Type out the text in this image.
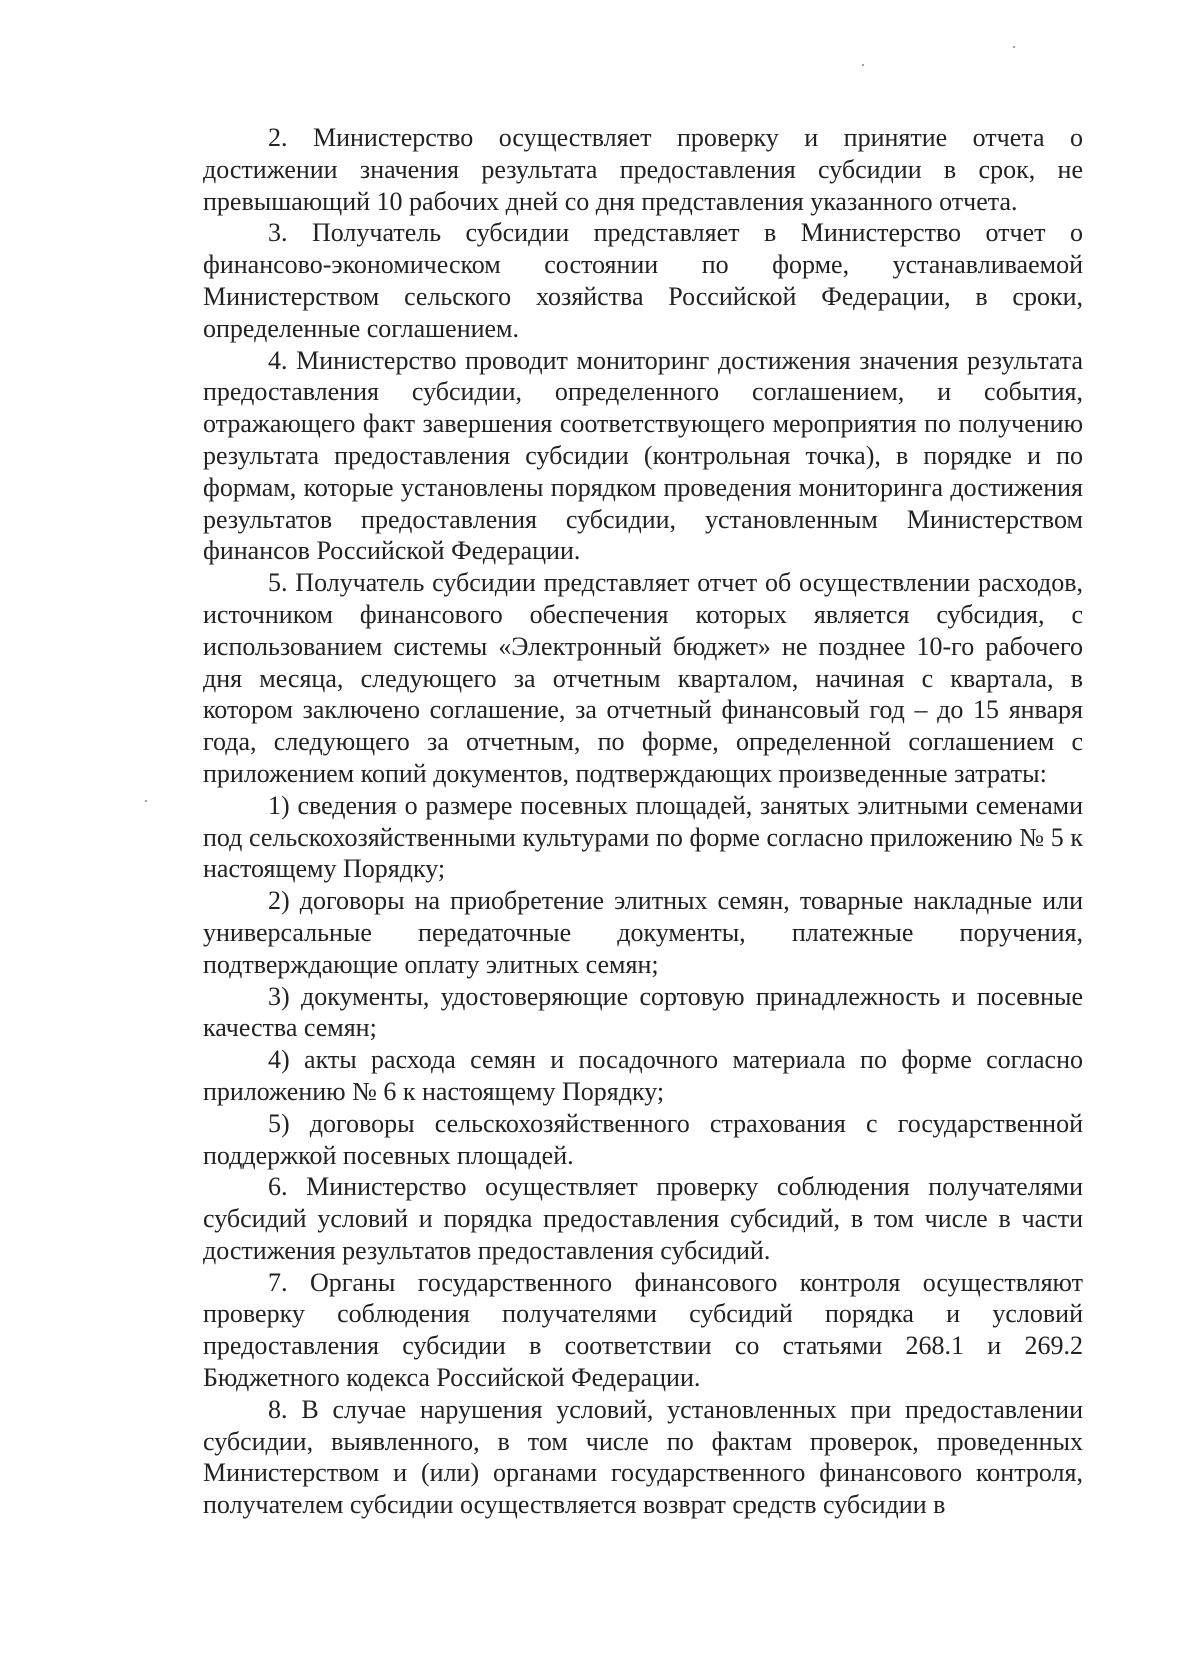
2. Министерство осуществляет проверку и принятие отчета о достижении значения результата предоставления субсидии в срок, не превышающий 10 рабочих дней со дня представления указанного отчета.

3. Получатель субсидии представляет в Министерство отчет о финансово-экономическом состоянии по форме, устанавливаемой Министерством сельского хозяйства Российской Федерации, в сроки, определенные соглашением.

4. Министерство проводит мониторинг достижения значения результата предоставления субсидии, определенного соглашением, и события, отражающего факт завершения соответствующего мероприятия по получению результата предоставления субсидии (контрольная точка), в порядке и по формам, которые установлены порядком проведения мониторинга достижения результатов предоставления субсидии, установленным Министерством финансов Российской Федерации.

5. Получатель субсидии представляет отчет об осуществлении расходов, источником финансового обеспечения которых является субсидия, с использованием системы «Электронный бюджет» не позднее 10-го рабочего дня месяца, следующего за отчетным кварталом, начиная с квартала, в котором заключено соглашение, за отчетный финансовый год – до 15 января года, следующего за отчетным, по форме, определенной соглашением с приложением копий документов, подтверждающих произведенные затраты:

1) сведения о размере посевных площадей, занятых элитными семенами под сельскохозяйственными культурами по форме согласно приложению № 5 к настоящему Порядку;

2) договоры на приобретение элитных семян, товарные накладные или универсальные передаточные документы, платежные поручения, подтверждающие оплату элитных семян;

3) документы, удостоверяющие сортовую принадлежность и посевные качества семян;

4) акты расхода семян и посадочного материала по форме согласно приложению № 6 к настоящему Порядку;

5) договоры сельскохозяйственного страхования с государственной поддержкой посевных площадей.

6. Министерство осуществляет проверку соблюдения получателями субсидий условий и порядка предоставления субсидий, в том числе в части достижения результатов предоставления субсидий.

7. Органы государственного финансового контроля осуществляют проверку соблюдения получателями субсидий порядка и условий предоставления субсидии в соответствии со статьями 268.1 и 269.2 Бюджетного кодекса Российской Федерации.

8. В случае нарушения условий, установленных при предоставлении субсидии, выявленного, в том числе по фактам проверок, проведенных Министерством и (или) органами государственного финансового контроля, получателем субсидии осуществляется возврат средств субсидии в
